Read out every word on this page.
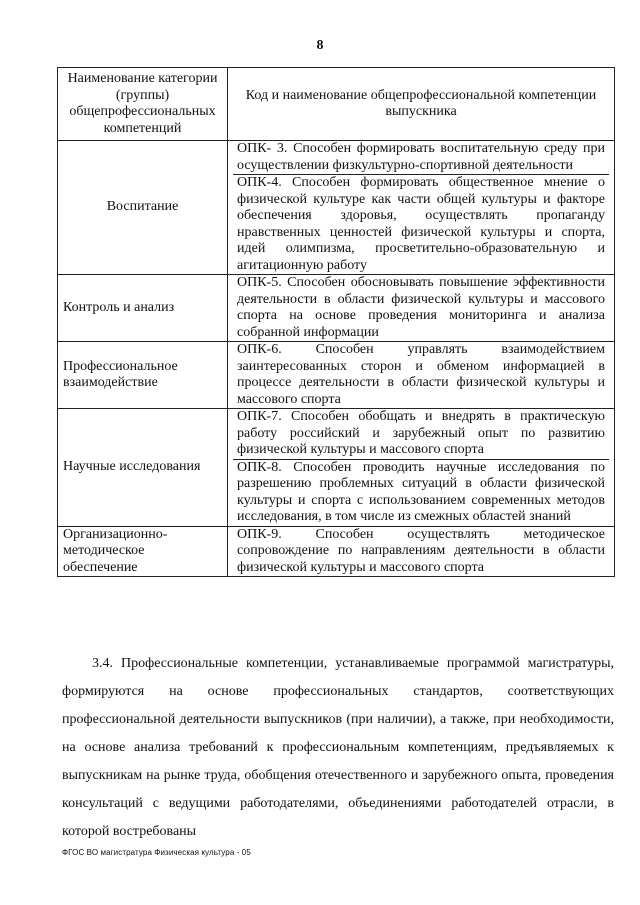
8
Наименование категории (группы) общепрофессиональных компетенций	Код и наименование общепрофессиональной компетенции выпускника
Воспитание	ОПК- 3. Способен формировать воспитательную среду при осуществлении физкультурно-спортивной деятельности
ОПК-4. Способен формировать общественное мнение о физической культуре как части общей культуры и факторе обеспечения здоровья, осуществлять пропаганду нравственных ценностей физической культуры и спорта, идей олимпизма, просветительно-образовательную и агитационную работу

Контроль и анализ	ОПК-5. Способен обосновывать повышение эффективности деятельности в области физической культуры и массового спорта на основе проведения мониторинга и анализа собранной информации

Профессиональное взаимодействие	ОПК-6. Способен управлять взаимодействием заинтересованных сторон и обменом информацией в процессе деятельности в области физической культуры и массового спорта

Научные исследования	ОПК-7. Способен обобщать и внедрять в практическую работу российский и зарубежный опыт по развитию физической культуры и массового спорта
ОПК-8. Способен проводить научные исследования по разрешению проблемных ситуаций в области физической культуры и спорта с использованием современных методов исследования, в том числе из смежных областей знаний

Организационно-методическое обеспечение	ОПК-9. Способен осуществлять методическое сопровождение по направлениям деятельности в области физической культуры и массового спорта
3.4. Профессиональные компетенции, устанавливаемые программой магистратуры, формируются на основе профессиональных стандартов, соответствующих профессиональной деятельности выпускников (при наличии), а также, при необходимости, на основе анализа требований к профессиональным компетенциям, предъявляемых к выпускникам на рынке труда, обобщения отечественного и зарубежного опыта, проведения консультаций с ведущими работодателями, объединениями работодателей отрасли, в которой востребованы
ФГОС ВО магистратура Физическая культура - 05
